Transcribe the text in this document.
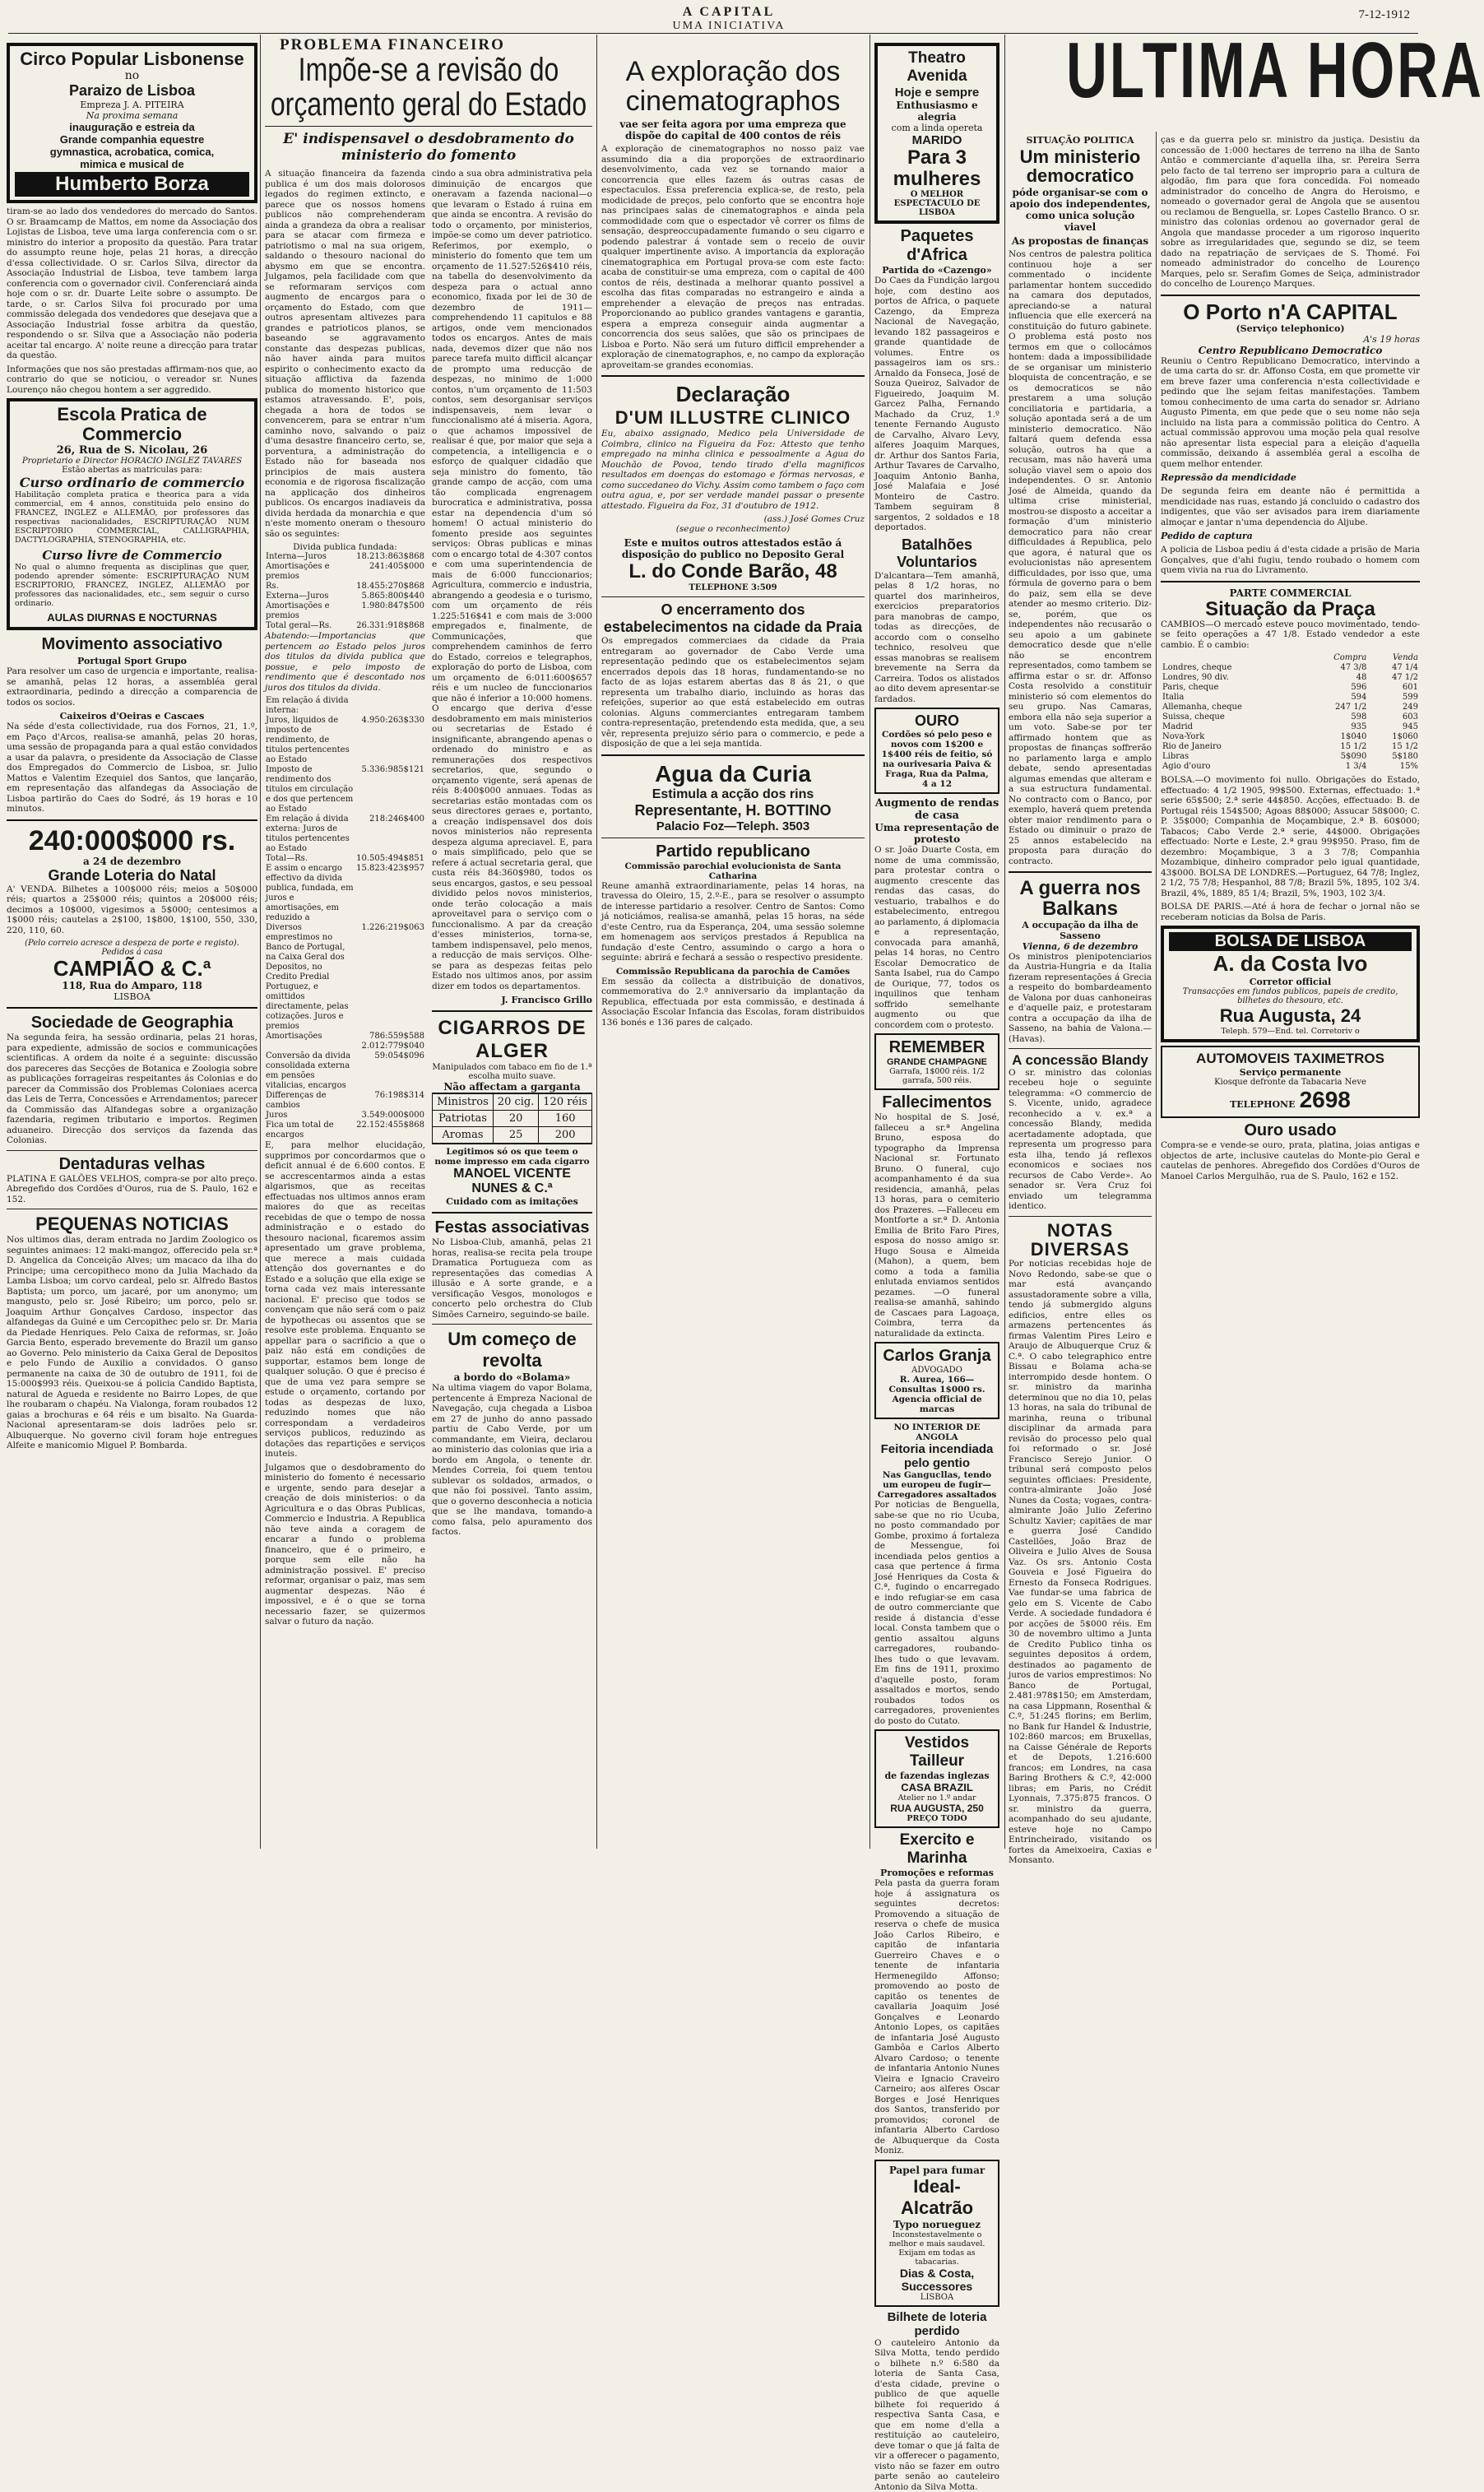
PROBLEMA FINANCEIRO
A CAPITAL
UMA INICIATIVA
7-12-1912
Circo Popular Lisbonense
no
Paraizo de Lisboa
Empreza J. A. PITEIRA
Na proxima semana
inauguração e estreia da
Grande companhia equestre
gymnastica, acrobatica, comica,
mimica e musical de
Humberto Borza

tiram-se ao lado dos vendedores do mercado do Santos. O sr. Braamcamp de Mattos, em nome da Associação dos Lojistas de Lisboa, teve uma larga conferencia com o sr. ministro do interior a proposito da questão. Para tratar do assumpto reune hoje, pelas 21 horas, a direcção d'essa collectividade. O sr. Carlos Silva, director da Associação Industrial de Lisboa, teve tambem larga conferencia com o governador civil. Conferenciará ainda hoje com o sr. dr. Duarte Leite sobre o assumpto. De tarde, o sr. Carlos Silva foi procurado por uma commissão delegada dos vendedores que desejava que a Associação Industrial fosse arbitra da questão, respondendo o sr. Silva que a Associação não poderia aceitar tal encargo. A' noite reune a direcção para tratar da questão.

Informações que nos são prestadas affirmam-nos que, ao contrario do que se noticiou, o vereador sr. Nunes Lourenço não chegou hontem a ser aggredido.

Escola Pratica de Commercio
26, Rua de S. Nicolau, 26
Proprietario e Director HORACIO INGLEZ TAVARES
Estão abertas as matriculas para:
Curso ordinario de commercio

Habilitação completa pratica e theorica para a vida commercial, em 4 annos, constituida pelo ensino do FRANCEZ, INGLEZ e ALLEMÃO, por professores das respectivas nacionalidades, ESCRIPTURAÇÃO NUM ESCRIPTORIO COMMERCIAL, CALLIGRAPHIA, DACTYLOGRAPHIA, STENOGRAPHIA, etc.

Curso livre de Commercio

No qual o alumno frequenta as disciplinas que quer, podendo aprender sómente: ESCRIPTURAÇÃO NUM ESCRIPTORIO, FRANCEZ, INGLEZ, ALLEMÃO por professores das nacionalidades, etc., sem seguir o curso ordinario.

AULAS DIURNAS E NOCTURNAS
Movimento associativo
Portugal Sport Grupo

Para resolver um caso de urgencia e importante, realisa-se amanhã, pelas 12 horas, a assembléa geral extraordinaria, pedindo a direcção a comparencia de todos os socios.

Caixeiros d'Oeiras e Cascaes

Na séde d'esta collectividade, rua dos Fornos, 21, 1.º, em Paço d'Arcos, realisa-se amanhã, pelas 20 horas, uma sessão de propaganda para a qual estão convidados a usar da palavra, o presidente da Associação de Classe dos Empregados do Commercio de Lisboa, sr. Julio Mattos e Valentim Ezequiel dos Santos, que lançarão, em representação das alfandegas da Associação de Lisboa partirão do Caes do Sodré, ás 19 horas e 10 minutos.

240:000$000 rs.
a 24 de dezembro
Grande Loteria do Natal

A' VENDA. Bilhetes a 100$000 réis; meios a 50$000 réis; quartos a 25$000 réis; quintos a 20$000 réis; decimos a 10$000, vigesimos a 5$000; centesimos a 1$000 réis; cautelas a 2$100, 1$800, 1$100, 550, 330, 220, 110, 60.

(Pelo correio acresce a despeza de porte e registo).
Pedidos á casa
CAMPIÃO & C.ª
118, Rua do Amparo, 118
LISBOA
Sociedade de Geographia

Na segunda feira, ha sessão ordinaria, pelas 21 horas, para expediente, admissão de socios e communicações scientificas. A ordem da noite é a seguinte: discussão dos pareceres das Secções de Botanica e Zoologia sobre as publicações forrageiras respeitantes ás Colonias e do parecer da Commissão dos Problemas Coloniaes acerca das Leis de Terra, Concessões e Arrendamentos; parecer da Commissão das Alfandegas sobre a organização fazendaria, regimen tributario e importos. Regimen aduaneiro. Direcção dos serviços da fazenda das Colonias.

Dentaduras velhas

PLATINA E GALÕES VELHOS, compra-se por alto preço. Abregefido dos Cordões d'Ouros, rua de S. Paulo, 162 e 152.

PEQUENAS NOTICIAS

Nos ultimos dias, deram entrada no Jardim Zoologico os seguintes animaes: 12 maki-mangoz, offerecido pela sr.ª D. Angelica da Conceição Alves; um macaco da ilha do Principe; uma cercopitheco mono da Julia Machado da Lamba Lisboa; um corvo cardeal, pelo sr. Alfredo Bastos Baptista; um porco, um jacaré, por um anonymo; um mangusto, pelo sr. José Ribeiro; um porco, pelo sr. Joaquim Arthur Gonçalves Cardoso, inspector das alfandegas da Guiné e um Cercopithec pelo sr. Dr. Maria da Piedade Henriques. Pelo Caixa de reformas, sr. João Garcia Bento, esperado brevemente do Brazil um ganso ao Governo. Pelo ministerio da Caixa Geral de Depositos e pelo Fundo de Auxilio a convidados. O ganso permanente na caixa de 30 de outubro de 1911, foi de 15:000$993 réis. Queixou-se á policia Candido Baptista, natural de Agueda e residente no Bairro Lopes, de que lhe roubaram o chapéu. Na Vialonga, foram roubados 12 gaias a brochuras e 64 réis e um bisalto. Na Guarda-Nacional apresentaram-se dois ladrões pelo sr. Albuquerque. No governo civil foram hoje entregues Alfeite e manicomio Miguel P. Bombarda.

Impõe-se a revisão do orçamento geral do Estado
E' indispensavel o desdobramento do ministerio do fomento

A situação financeira da fazenda publica é um dos mais dolorosos legados do regimen extincto, e parece que os nossos homens publicos não comprehenderam ainda a grandeza da obra a realisar para se atacar com firmeza e patriotismo o mal na sua origem, saldando o thesouro nacional do abysmo em que se encontra. Julgamos, pela facilidade com que se reformaram serviços com augmento de encargos para o orçamento do Estado, com que outros apresentam altivezes para grandes e patrioticos planos, se baseando se aggravamento constante das despezas publicas, não haver ainda para muitos espirito o conhecimento exacto da situação afflictiva da fazenda publica do momento historico que estamos atravessando. E', pois, chegada a hora de todos se convencerem, para se entrar n'um caminho novo, salvando o paiz d'uma desastre financeiro certo, se, porventura, a administração do Estado não for baseada nos principios de mais austera economia e de rigorosa fiscalização na applicação dos dinheiros publicos. Os encargos inadiaveis da divida herdada da monarchia e que n'este momento oneram o thesouro são os seguintes:

Divida publica fundada:
Interna—Juros	18.213:863$868
Amortisações e premios	241:405$000
Rs.	18.455:270$868
Externa—Juros	5.865:800$440
Amortisações e premios	1.980:847$500
Total geral—Rs.	26.331:918$868

Abatendo:—Importancias que pertencem ao Estado pelos juros dos titulos da divida publica que possue, e pelo imposto de rendimento que é descontado nos juros dos titulos da divida.

Em relação á divida interna:	
Juros, liquidos de imposto de rendimento, de titulos pertencentes ao Estado	4.950:263$330
Imposto de rendimento dos titulos em circulação e dos que pertencem ao Estado	5.336:985$121
Em relação á divida externa: Juros de titulos pertencentes ao Estado	218:246$400
Total—Rs.	10.505:494$851
E assim o encargo effectivo da divida publica, fundada, em juros e amortisações, em reduzido a	15.823:423$957
Diversos emprestimos no Banco de Portugal, na Caixa Geral dos Depositos, no Credito Predial Portuguez, e omittidos directamente, pelas cotizações. Juros e premios	1.226:219$063
Amortisações	786:559$588
	2.012:779$040
Conversão da divida consolidada externa em pensões vitalicias, encargos	59:054$096
Differenças de cambios	76:198$314
Juros	3.549:000$000
Fica um total de encargos	22.152:455$868

E, para melhor elucidação, supprimos por concordarmos que o deficit annual é de 6.600 contos. E se accrescentarmos ainda a estas algarismos, que as receitas effectuadas nos ultimos annos eram maiores do que as receitas recebidas de que o tempo de nossa administração e o estado do thesouro nacional, ficaremos assim apresentado um grave problema, que merece a mais cuidada attenção dos governantes e do Estado e a solução que ella exige se torna cada vez mais interessante nacional. E' preciso que todos se convençam que não será com o paiz de hypothecas ou assentos que se resolve este problema. Enquanto se appellar para o sacrificio a que o paiz não está em condições de supportar, estamos bem longe de qualquer solução. O que é preciso é que de uma vez para sempre se estude o orçamento, cortando por todas as despezas de luxo, reduzindo nomes que não correspondam a verdadeiros serviços publicos, reduzindo as dotações das repartições e serviços inuteis.

Julgamos que o desdobramento do ministerio do fomento é necessario e urgente, sendo para desejar a creação de dois ministerios: o da Agricultura e o das Obras Publicas, Commercio e Industria. A Republica não teve ainda a coragem de encarar a fundo o problema financeiro, que é o primeiro, e porque sem elle não ha administração possivel. E' preciso reformar, organisar o paiz, mas sem augmentar despezas. Não é impossivel, e é o que se torna necessario fazer, se quizermos salvar o futuro da nação.

cindo a sua obra administrativa pela diminuição de encargos que oneravam a fazenda nacional—o que levaram o Estado á ruina em que ainda se encontra. A revisão do todo o orçamento, por ministerios, impõe-se como um dever patriotico. Referimos, por exemplo, o ministerio do fomento que tem um orçamento de 11.527:526$410 réis, na tabella do desenvolvimento da despeza para o actual anno economico, fixada por lei de 30 de dezembro de 1911—comprehendendo 11 capitulos e 88 artigos, onde vem mencionados todos os encargos. Antes de mais nada, devemos dizer que não nos parece tarefa muito difficil alcançar de prompto uma reducção de despezas, no minimo de 1:000 contos, n'um orçamento de 11:503 contos, sem desorganisar serviços indispensaveis, nem levar o funccionalismo até á miseria. Agora, o que achamos impossivel de realisar é que, por maior que seja a competencia, a intelligencia e o esforço de qualquer cidadão que seja ministro do fomento, tão grande campo de acção, com uma tão complicada engrenagem burocratica e administrativa, possa estar na dependencia d'um só homem! O actual ministerio do fomento preside aos seguintes serviços: Obras publicas e minas com o encargo total de 4:307 contos e com uma superintendencia de mais de 6:000 funccionarios; Agricultura, commercio e industria, abrangendo a geodesia e o turismo, com um orçamento de réis 1.225:516$41 e com mais de 3:000 empregados e, finalmente, de Communicações, que comprehendem caminhos de ferro do Estado, correios e telegraphos, exploração do porto de Lisboa, com um orçamento de 6:011:600$657 réis e um nucleo de funccionarios que não é inferior a 10:000 homens. O encargo que deriva d'esse desdobramento em mais ministerios ou secretarias de Estado é insignificante, abrangendo apenas o ordenado do ministro e as remunerações dos respectivos secretarios, que, segundo o orçamento vigente, será apenas de réis 8:400$000 annuaes. Todas as secretarias estão montadas com os seus directores geraes e, portanto, a creação indispensavel dos dois novos ministerios não representa despeza alguma apreciavel. E, para o mais simplificado, pelo que se refere á actual secretaria geral, que custa réis 84:360$980, todos os seus encargos, gastos, e seu pessoal dividido pelos novos ministerios, onde terão colocação a mais aproveitavel para o serviço com o funccionalismo. A par da creação d'esses ministerios, torna-se, tambem indispensavel, pelo menos, a reducção de mais serviços. Olhe-se para as despezas feitas pelo Estado nos ultimos anos, por assim dizer em todos os departamentos.

J. Francisco Grillo
CIGARROS DE ALGER
Manipulados com tabaco em fio de 1.ª escolha muito suave.
Não affectam a garganta
Ministros	20 cig.	120 réis
Patriotas	20	160
Aromas	25	200
Legitimos só os que teem o nome impresso em cada cigarro
MANOEL VICENTE NUNES & C.ª
Cuidado com as imitações
Festas associativas

No Lisboa-Club, amanhã, pelas 21 horas, realisa-se recita pela troupe Dramatica Portugueza com as representações das comedias A illusão e A sorte grande, e a versificação Vesgos, monologos e concerto pelo orchestra do Club Simões Carneiro, seguindo-se baile.

Um começo de revolta
a bordo do «Bolama»

Na ultima viagem do vapor Bolama, pertencente á Empreza Nacional de Navegação, cuja chegada a Lisboa em 27 de junho do anno passado partiu de Cabo Verde, por um commandante, em Vieira, declarou ao ministerio das colonias que iria a bordo em Angola, o tenente dr. Mendes Correia, foi quem tentou sublevar os soldados, armados, o que não foi possivel. Tanto assim, que o governo desconhecia a noticia que se lhe mandava, tomando-a como falsa, pelo apuramento dos factos.

A exploração dos cinematographos
vae ser feita agora por uma empreza que dispõe do capital de 400 contos de réis

A exploração de cinematographos no nosso paiz vae assumindo dia a dia proporções de extraordinario desenvolvimento, cada vez se tornando maior a concorrencia que elles fazem ás outras casas de espectaculos. Essa preferencia explica-se, de resto, pela modicidade de preços, pelo conforto que se encontra hoje nas principaes salas de cinematographos e ainda pela commodidade com que o espectador vê correr os films de sensação, despreoccupadamente fumando o seu cigarro e podendo palestrar á vontade sem o receio de ouvir qualquer impertinente aviso. A importancia da exploração cinematographica em Portugal prova-se com este facto: acaba de constituir-se uma empreza, com o capital de 400 contos de réis, destinada a melhorar quanto possivel a escolha das fitas comparadas no estrangeiro e ainda a emprehender a elevação de preços nas entradas. Proporcionando ao publico grandes vantagens e garantia, espera a empreza conseguir ainda augmentar a concorrencia dos seus salões, que são os principaes de Lisboa e Porto. Não será um futuro difficil emprehender a exploração de cinematographos, e, no campo da exploração aproveitam-se grandes economias.

Declaração
D'UM ILLUSTRE CLINICO

Eu, abaixo assignado, Medico pela Universidade de Coimbra, clinico na Figueira da Foz: Attesto que tenho empregado na minha clinica e pessoalmente a Agua do Mouchão de Povoa, tendo tirado d'ella magnificos resultados em doenças do estomago e fórmas nervosas, e como succedaneo do Vichy. Assim como tambem o faço com outra agua, e, por ser verdade mandei passar o presente attestado. Figueira da Foz, 31 d'outubro de 1912.

(ass.) José Gomes Cruz
(segue o reconhecimento)
Este e muitos outros attestados estão á disposição do publico no Deposito Geral
L. do Conde Barão, 48
TELEPHONE 3:509
O encerramento dos estabelecimentos na cidade da Praia

Os empregados commerciaes da cidade da Praia entregaram ao governador de Cabo Verde uma representação pedindo que os estabelecimentos sejam encerrados depois das 18 horas, fundamentando-se no facto de as lojas estarem abertas das 8 ás 21, o que representa um trabalho diario, incluindo as horas das refeições, superior ao que está estabelecido em outras colonias. Alguns commerciantes entregaram tambem contra-representação, pretendendo esta medida, que, a seu vêr, representa prejuizo sério para o commercio, e pede a disposição de que a lei seja mantida.

Agua da Curia
Estimula a acção dos rins
Representante, H. BOTTINO
Palacio Foz—Teleph. 3503
Partido republicano
Commissão parochial evolucionista de Santa Catharina

Reune amanhã extraordinariamente, pelas 14 horas, na travessa do Oleiro, 15, 2.º-E., para se resolver o assumpto de interesse partidario a resolver. Centro de Santos: Como já noticiámos, realisa-se amanhã, pelas 15 horas, na séde d'este Centro, rua da Esperança, 204, uma sessão solemne em homenagem aos serviços prestados á Republica na fundação d'este Centro, assumindo o cargo a hora o seguinte: abrirá e fechará a sessão o respectivo presidente.

Commissão Republicana da parochia de Camões

Em sessão da collecta a distribuição de donativos, commemorativa do 2.º anniversario da implantação da Republica, effectuada por esta commissão, e destinada á Associação Escolar Infancia das Escolas, foram distribuidos 136 bonés e 136 pares de calçado.

Theatro Avenida
Hoje e sempre
Enthusiasmo e alegria
com a linda opereta
MARIDO
Para 3 mulheres
O MELHOR ESPECTACULO DE LISBOA
Paquetes d'Africa
Partida do «Cazengo»

Do Caes da Fundição largou hoje, com destino aos portos de Africa, o paquete Cazengo, da Empreza Nacional de Navegação, levando 182 passageiros e grande quantidade de volumes. Entre os passageiros iam os srs.: Arnaldo da Fonseca, José de Souza Queiroz, Salvador de Figueiredo, Joaquim M. Garcez Palha, Fernando Machado da Cruz, 1.º tenente Fernando Augusto de Carvalho, Alvaro Levy, alferes Joaquim Marques, dr. Arthur dos Santos Faria, Arthur Tavares de Carvalho, Joaquim Antonio Banha, José Malafaia e José Monteiro de Castro. Tambem seguiram 8 sargentos, 2 soldados e 18 deportados.

Batalhões Voluntarios

D'alcantara—Tem amanhã, pelas 8 1/2 horas, no quartel dos marinheiros, exercicios preparatorios para manobras de campo, todas as direcções, de accordo com o conselho technico, resolveu que essas manobras se realisem brevemente na Serra da Carreira. Todos os alistados ao dito devem apresentar-se fardados.

OURO
Cordões só pelo peso e novos com 1$200 e 1$400 réis de feitio, só na ourivesaria Paiva & Fraga, Rua da Palma, 4 a 12
Augmento de rendas de casa
Uma representação de protesto

O sr. João Duarte Costa, em nome de uma commissão, para protestar contra o augmento crescente das rendas das casas, do vestuario, trabalhos e do estabelecimento, entregou ao parlamento, á diplomacia e a representação, convocada para amanhã, pelas 14 horas, no Centro Escolar Democratico de Santa Isabel, rua do Campo de Ourique, 77, todos os inquilinos que tenham soffrido semelhante augmento ou que concordem com o protesto.

REMEMBER
GRANDE CHAMPAGNE
Garrafa, 1$000 réis. 1/2 garrafa, 500 réis.
Fallecimentos

No hospital de S. José, falleceu a sr.ª Angelina Bruno, esposa do typographo da Imprensa Nacional sr. Fortunato Bruno. O funeral, cujo acompanhamento é da sua residencia, amanhã, pelas 13 horas, para o cemiterio dos Prazeres. —Falleceu em Montforte a sr.ª D. Antonia Emilia de Brito Faro Pires, esposa do nosso amigo sr. Hugo Sousa e Almeida (Mahon), a quem, bem como a toda a familia enlutada enviamos sentidos pezames. —O funeral realisa-se amanhã, sahindo de Cascaes para Lagoaça, Coimbra, terra da naturalidade da extincta.

Carlos Granja
ADVOGADO
R. Aurea, 166—Consultas 1$000 rs. Agencia official de marcas
NO INTERIOR DE ANGOLA
Feitoria incendiada pelo gentio
Nas Gangucllas, tendo um europeu de fugir—Carregadores assaltados

Por noticias de Benguella, sabe-se que no rio Ucuba, no posto commandado por Gombe, proximo á fortaleza de Messengue, foi incendiada pelos gentios a casa que pertence á firma José Henriques da Costa & C.ª, fugindo o encarregado e indo refugiar-se em casa de outro commerciante que reside á distancia d'esse local. Consta tambem que o gentio assaltou alguns carregadores, roubando-lhes tudo o que levavam. Em fins de 1911, proximo d'aquelle posto, foram assaltados e mortos, sendo roubados todos os carregadores, provenientes do posto do Cutato.

Vestidos Tailleur
de fazendas inglezas
CASA BRAZIL
Atelier no 1.º andar
RUA AUGUSTA, 250
PREÇO TODO
Exercito e Marinha
Promoções e reformas

Pela pasta da guerra foram hoje á assignatura os seguintes decretos: Promovendo a situação de reserva o chefe de musica João Carlos Ribeiro, e capitão de infantaria Guerreiro Chaves e o tenente de infantaria Hermenegildo Affonso; promovendo ao posto de capitão os tenentes de cavallaria Joaquim José Gonçalves e Leonardo Antonio Lopes, os capitães de infantaria José Augusto Gambôa e Carlos Alberto Alvaro Cardoso; o tenente de infantaria Antonio Nunes Vieira e Ignacio Craveiro Carneiro; aos alferes Oscar Borges e José Henriques dos Santos, transferido por promovidos; coronel de infantaria Alberto Cardoso de Albuquerque da Costa Moniz.

Papel para fumar
Ideal-Alcatrão
Typo norueguez
Inconstestavelmente o melhor e mais saudavel. Exijam em todas as tabacarias.
Dias & Costa, Successores
LISBOA
Bilhete de loteria perdido

O cauteleiro Antonio da Silva Motta, tendo perdido o bilhete n.º 6:580 da loteria de Santa Casa, d'esta cidade, previne o publico de que aquelle bilhete foi requerido á respectiva Santa Casa, e que em nome d'ella a restituição ao cauteleiro, deve tomar o que já falta de vir a offerecer o pagamento, visto não se fazer em outro parte senão ao cauteleiro Antonio da Silva Motta.

ULTIMA HORA
SITUAÇÃO POLITICA
Um ministerio democratico
póde organisar-se com o apoio dos independentes, como unica solução viavel
As propostas de finanças

Nos centros de palestra politica continuou hoje a ser commentado o incidente parlamentar hontem succedido na camara dos deputados, apreciando-se a natural influencia que elle exercerá na constituição do futuro gabinete. O problema está posto nos termos em que o collocámos hontem: dada a impossibilidade de se organisar um ministerio bloquista de concentração, e se os democraticos se não prestarem a uma solução conciliatoria e partidaria, a solução apontada será a de um ministerio democratico. Não faltará quem defenda essa solução, outros ha que a recusam, mas não haverá uma solução viavel sem o apoio dos independentes. O sr. Antonio José de Almeida, quando da ultima crise ministerial, mostrou-se disposto a acceitar a formação d'um ministerio democratico para não crear difficuldades á Republica, pelo que agora, é natural que os evolucionistas não apresentem difficuldades, por isso que, uma fórmula de governo para o bem do paiz, sem ella se deve atender ao mesmo criterio. Diz-se, porém, que os independentes não recusarão o seu apoio a um gabinete democratico desde que n'elle não se encontrem representados, como tambem se affirma estar o sr. dr. Affonso Costa resolvido a constituir ministerio só com elementos do seu grupo. Nas Camaras, embora ella não seja superior a um voto. Sabe-se por ter affirmado hontem que as propostas de finanças soffrerão no parlamento larga e amplo debate, sendo apresentadas algumas emendas que alteram e a sua estructura fundamental. No contracto com o Banco, por exemplo, haverá quem pretenda obter maior rendimento para o Estado ou diminuir o prazo de 25 annos estabelecido na proposta para duração do contracto.

A guerra nos Balkans
A occupação da ilha de Sasseno
Vienna, 6 de dezembro

Os ministros plenipotenciarios da Austria-Hungria e da Italia fizeram representações á Grecia a respeito do bombardeamento de Valona por duas canhoneiras e d'aquelle paiz, e protestaram contra a occupação da ilha de Sasseno, na bahia de Valona.—(Havas).

A concessão Blandy

O sr. ministro das colonias recebeu hoje o seguinte telegramma: «O commercio de S. Vicente, unido, agradece reconhecido a v. ex.ª a concessão Blandy, medida acertadamente adoptada, que representa um progresso para esta ilha, tendo já reflexos economicos e sociaes nos recursos de Cabo Verde». Ao senador sr. Vera Cruz foi enviado um telegramma identico.

NOTAS DIVERSAS

Por noticias recebidas hoje de Novo Redondo, sabe-se que o mar está avançando assustadoramente sobre a villa, tendo já submergido alguns edificios, entre elles os armazens pertencentes ás firmas Valentim Pires Leiro e Araujo de Albuquerque Cruz & C.ª. O cabo telegraphico entre Bissau e Bolama acha-se interrompido desde hontem. O sr. ministro da marinha determinou que no dia 10, pelas 13 horas, na sala do tribunal de marinha, reuna o tribunal disciplinar da armada para revisão do processo pelo qual foi reformado o sr. José Francisco Serejo Junior. O tribunal será composto pelos seguintes officiaes: Presidente, contra-almirante João José Nunes da Costa; vogaes, contra-almirante João Julio Zeferino Schultz Xavier; capitães de mar e guerra José Candido Castellões, João Braz de Oliveira e Julio Alves de Sousa Vaz. Os srs. Antonio Costa Gouveia e José Figueira do Ernesto da Fonseca Rodrigues. Vae fundar-se uma fabrica de gelo em S. Vicente de Cabo Verde. A sociedade fundadora é por acções de 5$000 réis. Em 30 de novembro ultimo a Junta de Credito Publico tinha os seguintes depositos á ordem, destinados ao pagamento de juros de varios emprestimos: No Banco de Portugal, 2.481:978$150; em Amsterdam, na casa Lippmann, Rosenthal & C.º, 51:245 florins; em Berlim, no Bank fur Handel & Industrie, 102:860 marcos; em Bruxellas, na Caisse Générale de Reports et de Depots, 1.216:600 francos; em Londres, na casa Baring Brothers & C.º, 42:000 libras; em Paris, no Crédit Lyonnais, 7.375:875 francos. O sr. ministro da guerra, acompanhado do seu ajudante, esteve hoje no Campo Entrincheirado, visitando os fortes da Ameixoeira, Caxias e Monsanto.

ças e da guerra pelo sr. ministro da justiça. Desistiu da concessão de 1:000 hectares de terreno na ilha de Santo Antão e commerciante d'aquella ilha, sr. Pereira Serra pelo facto de tal terreno ser improprio para a cultura de algodão, fim para que fora concedida. Foi nomeado administrador do concelho de Angra do Heroismo, e nomeado o governador geral de Angola que se ausentou ou reclamou de Benguella, sr. Lopes Castello Branco. O sr. ministro das colonias ordenou ao governador geral de Angola que mandasse proceder a um rigoroso inquerito sobre as irregularidades que, segundo se diz, se teem dado na repatriação de serviçaes de S. Thomé. Foi nomeado administrador do concelho de Lourenço Marques, pelo sr. Serafim Gomes de Seiça, administrador do concelho de Lourenço Marques.

O Porto n'A CAPITAL
(Serviço telephonico)
A's 19 horas
Centro Republicano Democratico

Reuniu o Centro Republicano Democratico, intervindo a de uma carta do sr. dr. Affonso Costa, em que promette vir em breve fazer uma conferencia n'esta collectividade e pedindo que lhe sejam feitas manifestações. Tambem tomou conhecimento de uma carta do senador sr. Adriano Augusto Pimenta, em que pede que o seu nome não seja incluido na lista para a commissão politica do Centro. A actual commissão approvou uma moção pela qual resolve não apresentar lista especial para a eleição d'aquella commissão, deixando á assembléa geral a escolha de quem melhor entender.

Repressão da mendicidade

De segunda feira em deante não é permittida a mendicidade nas ruas, estando já concluido o cadastro dos indigentes, que vão ser avisados para irem diariamente almoçar e jantar n'uma dependencia do Aljube.

Pedido de captura

A policia de Lisboa pediu á d'esta cidade a prisão de Maria Gonçalves, que d'ahi fugiu, tendo roubado o homem com quem vivia na rua do Livramento.

PARTE COMMERCIAL
Situação da Praça

CAMBIOS—O mercado esteve pouco movimentado, tendo-se feito operações a 47 1/8. Estado vendedor a este cambio. É o cambio:

	Compra	Venda
Londres, cheque	47 3/8	47 1/4
Londres, 90 div.	48	47 1/2
Paris, cheque	596	601
Italia	594	599
Allemanha, cheque	247 1/2	249
Suissa, cheque	598	603
Madrid	935	945
Nova-York	1$040	1$060
Rio de Janeiro	15 1/2	15 1/2
Libras	5$090	5$180
Agio d'ouro	1 3/4	15%

BOLSA.—O movimento foi nullo. Obrigações do Estado, effectuado: 4 1/2 1905, 99$500. Externas, effectuado: 1.ª serie 65$500; 2.ª serie 44$850. Acções, effectuado: B. de Portugal réis 154$500; Agoas 88$000; Assucar 58$000; C. P. 35$000; Companhia de Moçambique, 2.ª B. 60$000; Tabacos; Cabo Verde 2.ª serie, 44$000. Obrigações effectuado: Norte e Leste, 2.ª grau 99$950. Praso, fim de dezembro: Moçambique, 3 a 3 7/8; Companhia Mozambique, dinheiro comprador pelo igual quantidade, 43$000. BOLSA DE LONDRES.—Portuguez, 64 7/8; Inglez, 2 1/2, 75 7/8; Hespanhol, 88 7/8; Brazil 5%, 1895, 102 3/4. Brazil, 4%, 1889, 85 1/4; Brazil, 5%, 1903, 102 3/4.

BOLSA DE PARIS.—Até á hora de fechar o jornal não se receberam noticias da Bolsa de Paris.

BOLSA DE LISBOA
A. da Costa Ivo
Corretor official
Transacções em fundos publicos, papeis de credito, bilhetes do thesouro, etc.
Rua Augusta, 24
Teleph. 579—End. tel. Corretoriv o
AUTOMOVEIS TAXIMETROS
Serviço permanente
Kiosque defronte da Tabacaria Neve
TELEPHONE 2698
Ouro usado

Compra-se e vende-se ouro, prata, platina, joias antigas e objectos de arte, inclusive cautelas do Monte-pio Geral e cautelas de penhores. Abregefido dos Cordões d'Ouros de Manoel Carlos Mergulhão, rua de S. Paulo, 162 e 152.
